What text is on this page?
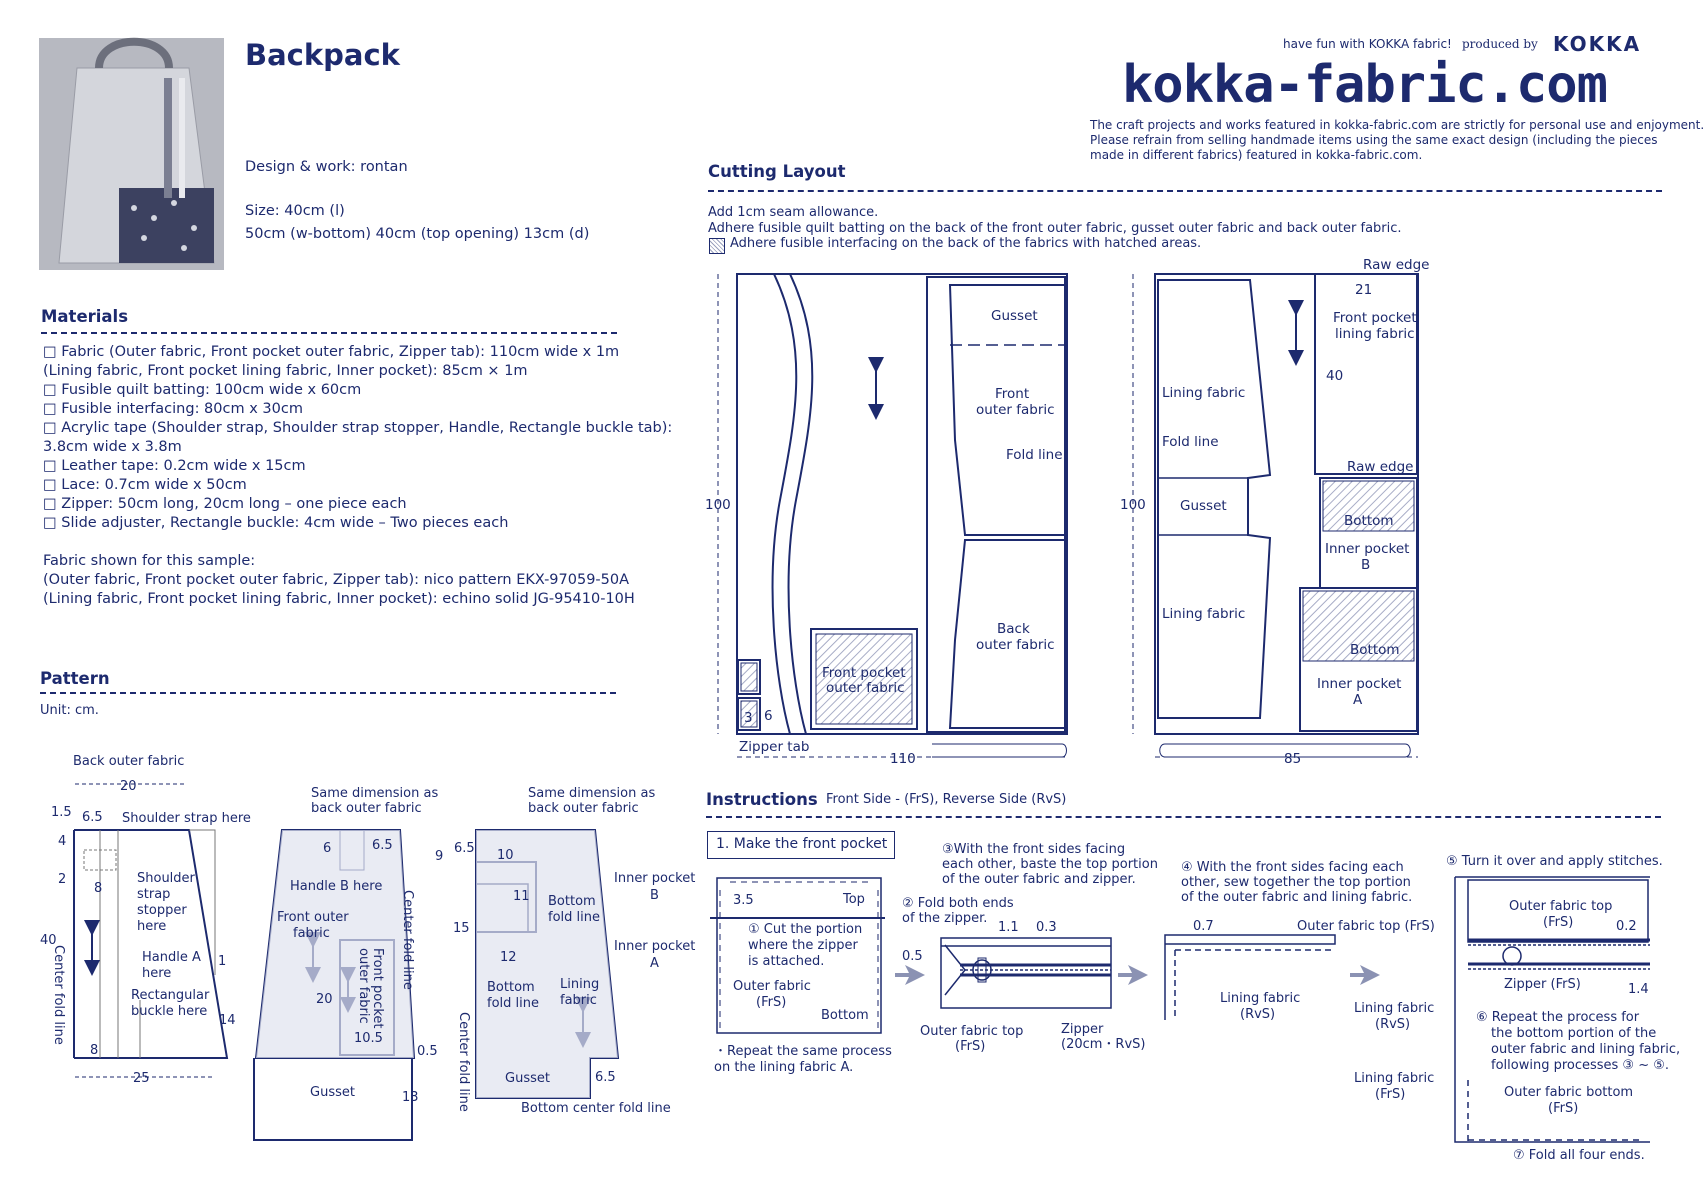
Backpack
Design & work: rontan
Size: 40cm (l)
50cm (w-bottom) 40cm (top opening) 13cm (d)
have fun with KOKKA fabric! produced by KOKKA
kokka-fabric.com
The craft projects and works featured in kokka-fabric.com are strictly for personal use and enjoyment.
Please refrain from selling handmade items using the same exact design (including the pieces
made in different fabrics) featured in kokka-fabric.com.
Materials
□ Fabric (Outer fabric, Front pocket outer fabric, Zipper tab): 110cm wide x 1m
(Lining fabric, Front pocket lining fabric, Inner pocket): 85cm × 1m
□ Fusible quilt batting: 100cm wide x 60cm
□ Fusible interfacing: 80cm x 30cm
□ Acrylic tape (Shoulder strap, Shoulder strap stopper, Handle, Rectangle buckle tab):
3.8cm wide x 3.8m
□ Leather tape: 0.2cm wide x 15cm
□ Lace: 0.7cm wide x 50cm
□ Zipper: 50cm long, 20cm long – one piece each
□ Slide adjuster, Rectangle buckle: 4cm wide – Two pieces each
Fabric shown for this sample:
(Outer fabric, Front pocket outer fabric, Zipper tab): nico pattern EKX-97059-50A
(Lining fabric, Front pocket lining fabric, Inner pocket): echino solid JG-95410-10H
Pattern
Unit: cm.
Back outer fabric
20
1.5 6.5 Shoulder strap here
4
2
8
Shoulder
strap
stopper
here
40
Center fold line	Handle A
here
1
Rectangular
buckle here
14
8
25
Same dimension as
back outer fabric
6	6.5
Handle B here
Center fold line
Front outer
fabric
20	Front pocket
outer fabric
10.5
0.5
Gusset	13
Same dimension as
back outer fabric
9
6.5 10
Inner pocket
B
11 Bottom
fold line
15
12
Inner pocket
A
Bottom
fold line
Lining
fabric
Center fold line	Gusset	6.5
Bottom center fold line
Cutting Layout
Add 1cm seam allowance.
Adhere fusible quilt batting on the back of the front outer fabric, gusset outer fabric and back outer fabric.
Adhere fusible interfacing on the back of the fabrics with hatched areas.
100
Gusset
Front
outer fabric
Fold line
Back
outer fabric
Front pocket
outer fabric
3 6
Zipper tab
110
100
Raw edge
21
Front pocket
lining fabric
40
Lining fabric
Fold line
Raw edge
Gusset
Bottom
Inner pocket
B
Lining fabric
Bottom
Inner pocket
A
85
Instructions Front Side - (FrS), Reverse Side (RvS)
1. Make the front pocket
3.5	Top
① Cut the portion
where the zipper
is attached.
Outer fabric
(FrS)
Bottom
・Repeat the same process
on the lining fabric A.
③With the front sides facing
each other, baste the top portion
of the outer fabric and zipper.
② Fold both ends
of the zipper.
1.1 0.3
0.5
Outer fabric top
(FrS)
Zipper
(20cm・RvS)
④ With the front sides facing each
other, sew together the top portion
of the outer fabric and lining fabric.
0.7	Outer fabric top (FrS)
Lining fabric
(RvS)
⑤ Turn it over and apply stitches.
Outer fabric top
(FrS)	0.2
Zipper (FrS)	1.4
Lining fabric
(RvS)	⑥ Repeat the process for
the bottom portion of the
outer fabric and lining fabric,
following processes ③ ~ ⑤.
Lining fabric
(FrS)	Outer fabric bottom
(FrS)
⑦ Fold all four ends.
